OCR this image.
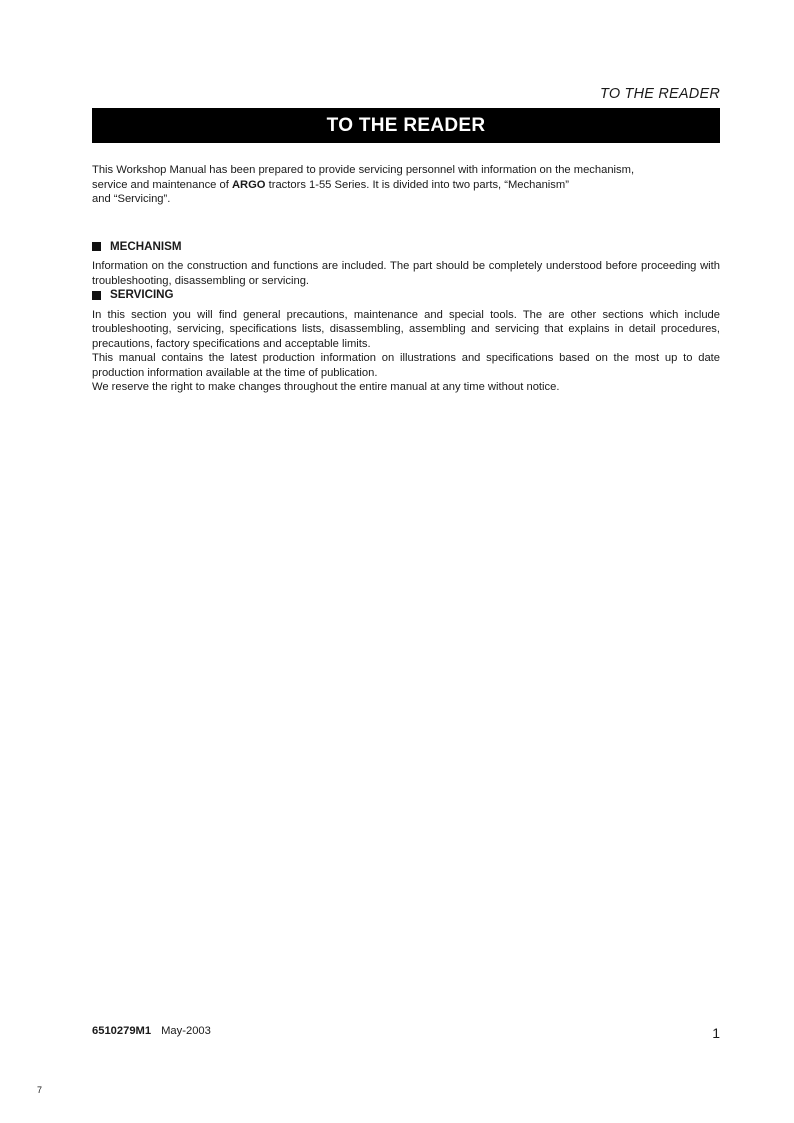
TO THE READER
TO THE READER

This Workshop Manual has been prepared to provide servicing personnel with information on the mechanism,

service and maintenance of ARGO tractors 1-55 Series. It is divided into two parts, “Mechanism”

and “Servicing”.

MECHANISM

Information on the construction and functions are included. The part should be completely understood before proceeding with troubleshooting, disassembling or servicing.

SERVICING

In this section you will find general precautions, maintenance and special tools. The are other sections which include troubleshooting, servicing, specifications lists, disassembling, assembling and servicing that explains in detail procedures, precautions, factory specifications and acceptable limits.

This manual contains the latest production information on illustrations and specifications based on the most up to date production information available at the time of publication.

We reserve the right to make changes throughout the entire manual at any time without notice.

6510279M1 May-2003	1
7
